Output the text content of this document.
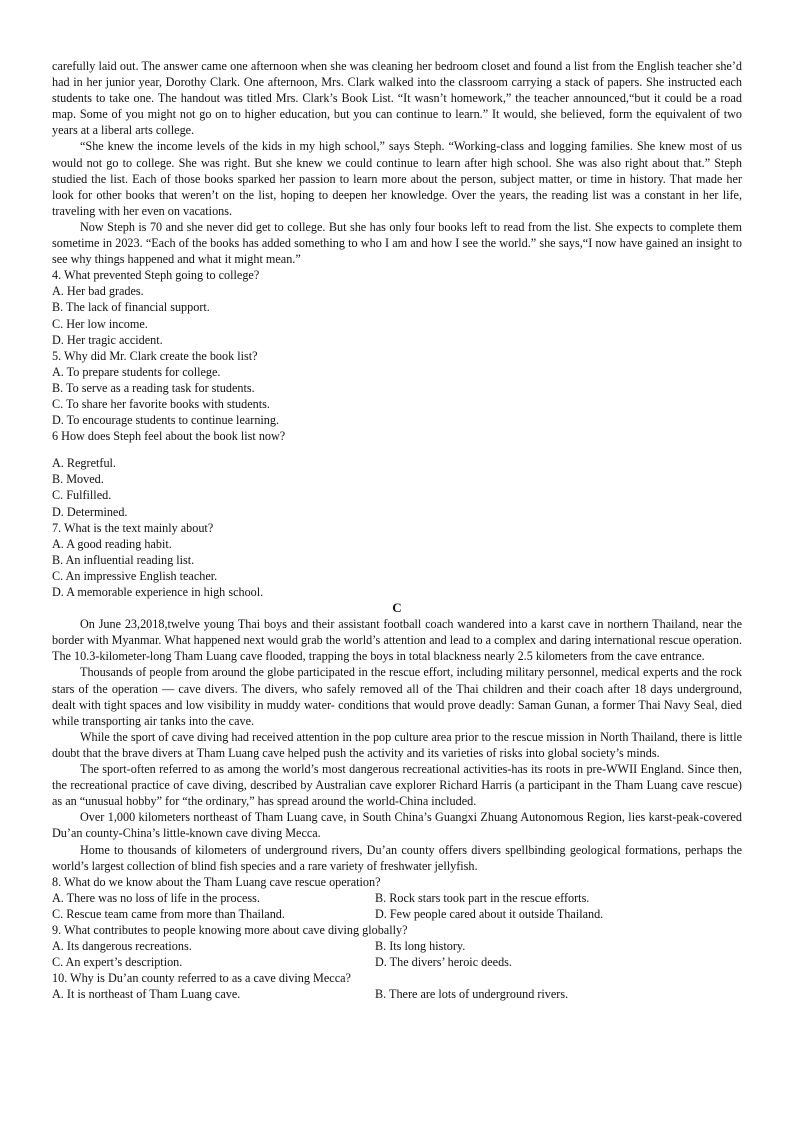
carefully laid out. The answer came one afternoon when she was cleaning her bedroom closet and found a list from the English teacher she’d had in her junior year, Dorothy Clark. One afternoon, Mrs. Clark walked into the classroom carrying a stack of papers. She instructed each students to take one. The handout was titled Mrs. Clark’s Book List. “It wasn’t homework,” the teacher announced,“but it could be a road map. Some of you might not go on to higher education, but you can continue to learn.” It would, she believed, form the equivalent of two years at a liberal arts college.

“She knew the income levels of the kids in my high school,” says Steph. “Working-class and logging families. She knew most of us would not go to college. She was right. But she knew we could continue to learn after high school. She was also right about that.” Steph studied the list. Each of those books sparked her passion to learn more about the person, subject matter, or time in history. That made her look for other books that weren’t on the list, hoping to deepen her knowledge. Over the years, the reading list was a constant in her life, traveling with her even on vacations.

Now Steph is 70 and she never did get to college. But she has only four books left to read from the list. She expects to complete them sometime in 2023. “Each of the books has added something to who I am and how I see the world.” she says,“I now have gained an insight to see why things happened and what it might mean.”

4. What prevented Steph going to college?
A. Her bad grades.
B. The lack of financial support.
C. Her low income.
D. Her tragic accident.
5. Why did Mr. Clark create the book list?
A. To prepare students for college.
B. To serve as a reading task for students.
C. To share her favorite books with students.
D. To encourage students to continue learning.
6 How does Steph feel about the book list now?
A. Regretful.
B. Moved.
C. Fulfilled.
D. Determined.
7. What is the text mainly about?
A. A good reading habit.
B. An influential reading list.
C. An impressive English teacher.
D. A memorable experience in high school.
C

On June 23,2018,twelve young Thai boys and their assistant football coach wandered into a karst cave in northern Thailand, near the border with Myanmar. What happened next would grab the world’s attention and lead to a complex and daring international rescue operation. The 10.3-kilometer-long Tham Luang cave flooded, trapping the boys in total blackness nearly 2.5 kilometers from the cave entrance.

Thousands of people from around the globe participated in the rescue effort, including military personnel, medical experts and the rock stars of the operation — cave divers. The divers, who safely removed all of the Thai children and their coach after 18 days underground, dealt with tight spaces and low visibility in muddy water- conditions that would prove deadly: Saman Gunan, a former Thai Navy Seal, died while transporting air tanks into the cave.

While the sport of cave diving had received attention in the pop culture area prior to the rescue mission in North Thailand, there is little doubt that the brave divers at Tham Luang cave helped push the activity and its varieties of risks into global society’s minds.

The sport-often referred to as among the world’s most dangerous recreational activities-has its roots in pre-WWII England. Since then, the recreational practice of cave diving, described by Australian cave explorer Richard Harris (a participant in the Tham Luang cave rescue) as an “unusual hobby” for “the ordinary,” has spread around the world-China included.

Over 1,000 kilometers northeast of Tham Luang cave, in South China’s Guangxi Zhuang Autonomous Region, lies karst-peak-covered Du’an county-China’s little-known cave diving Mecca.

Home to thousands of kilometers of underground rivers, Du’an county offers divers spellbinding geological formations, perhaps the world’s largest collection of blind fish species and a rare variety of freshwater jellyfish.

8. What do we know about the Tham Luang cave rescue operation?
A. There was no loss of life in the process.	B. Rock stars took part in the rescue efforts.
C. Rescue team came from more than Thailand.	D. Few people cared about it outside Thailand.
9. What contributes to people knowing more about cave diving globally?
A. Its dangerous recreations.	B. Its long history.
C. An expert’s description.	D. The divers’ heroic deeds.
10. Why is Du’an county referred to as a cave diving Mecca?
A. It is northeast of Tham Luang cave.	B. There are lots of underground rivers.
